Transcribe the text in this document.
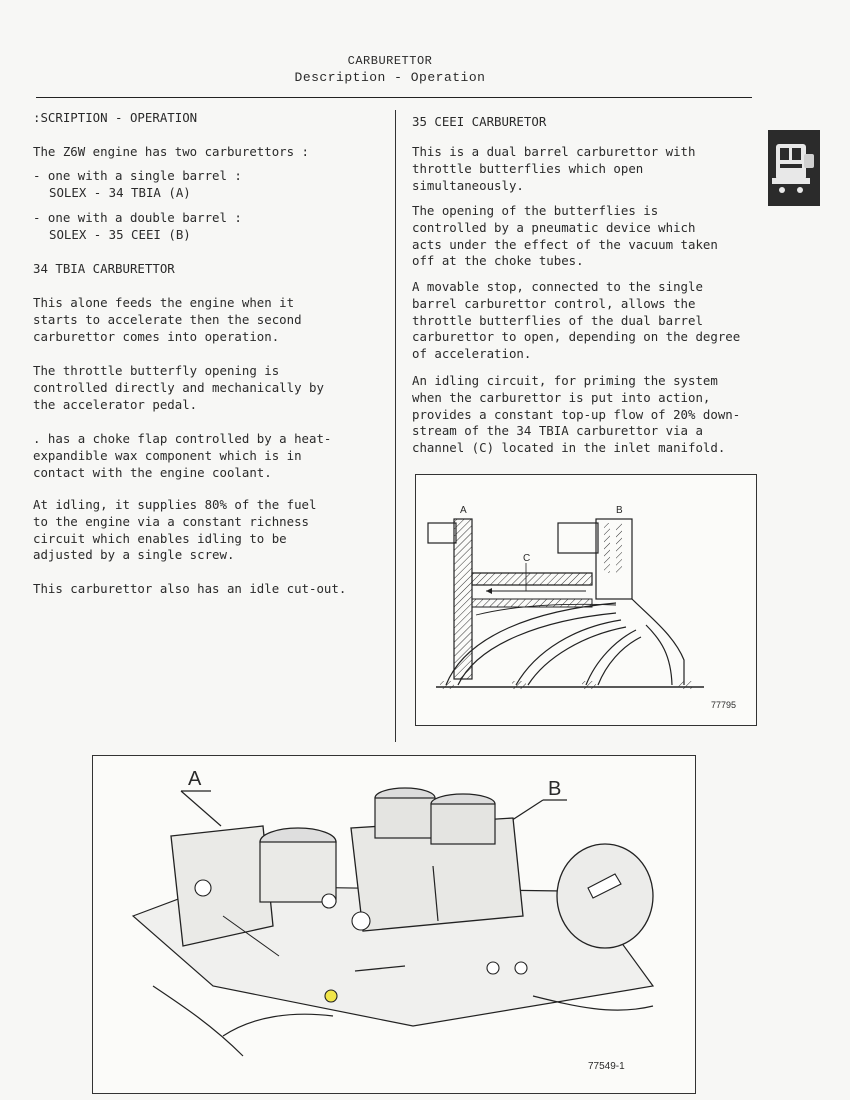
CARBURETTOR
Description - Operation
:SCRIPTION - OPERATION
The Z6W engine has two carburettors :
- one with a single barrel :
SOLEX - 34 TBIA (A)
- one with a double barrel :
SOLEX - 35 CEEI (B)
34 TBIA CARBURETTOR
This alone feeds the engine when it
starts to accelerate then the second
carburettor comes into operation.
The throttle butterfly opening is
controlled directly and mechanically by
the accelerator pedal.
. has a choke flap controlled by a heat-
expandible wax component which is in
contact with the engine coolant.
At idling, it supplies 80% of the fuel
to the engine via a constant richness
circuit which enables idling to be
adjusted by a single screw.
This carburettor also has an idle cut-out.
35 CEEI CARBURETOR
This is a dual barrel carburettor with
throttle butterflies which open
simultaneously.
The opening of the butterflies is
controlled by a pneumatic device which
acts under the effect of the vacuum taken
off at the choke tubes.
A movable stop, connected to the single
barrel carburettor control, allows the
throttle butterflies of the dual barrel
carburettor to open, depending on the degree
of acceleration.
An idling circuit, for priming the system
when the carburettor is put into action,
provides a constant top-up flow of 20% down-
stream of the 34 TBIA carburettor via a
channel (C) located in the inlet manifold.
A	B
C
77795
A	B
77549-1
